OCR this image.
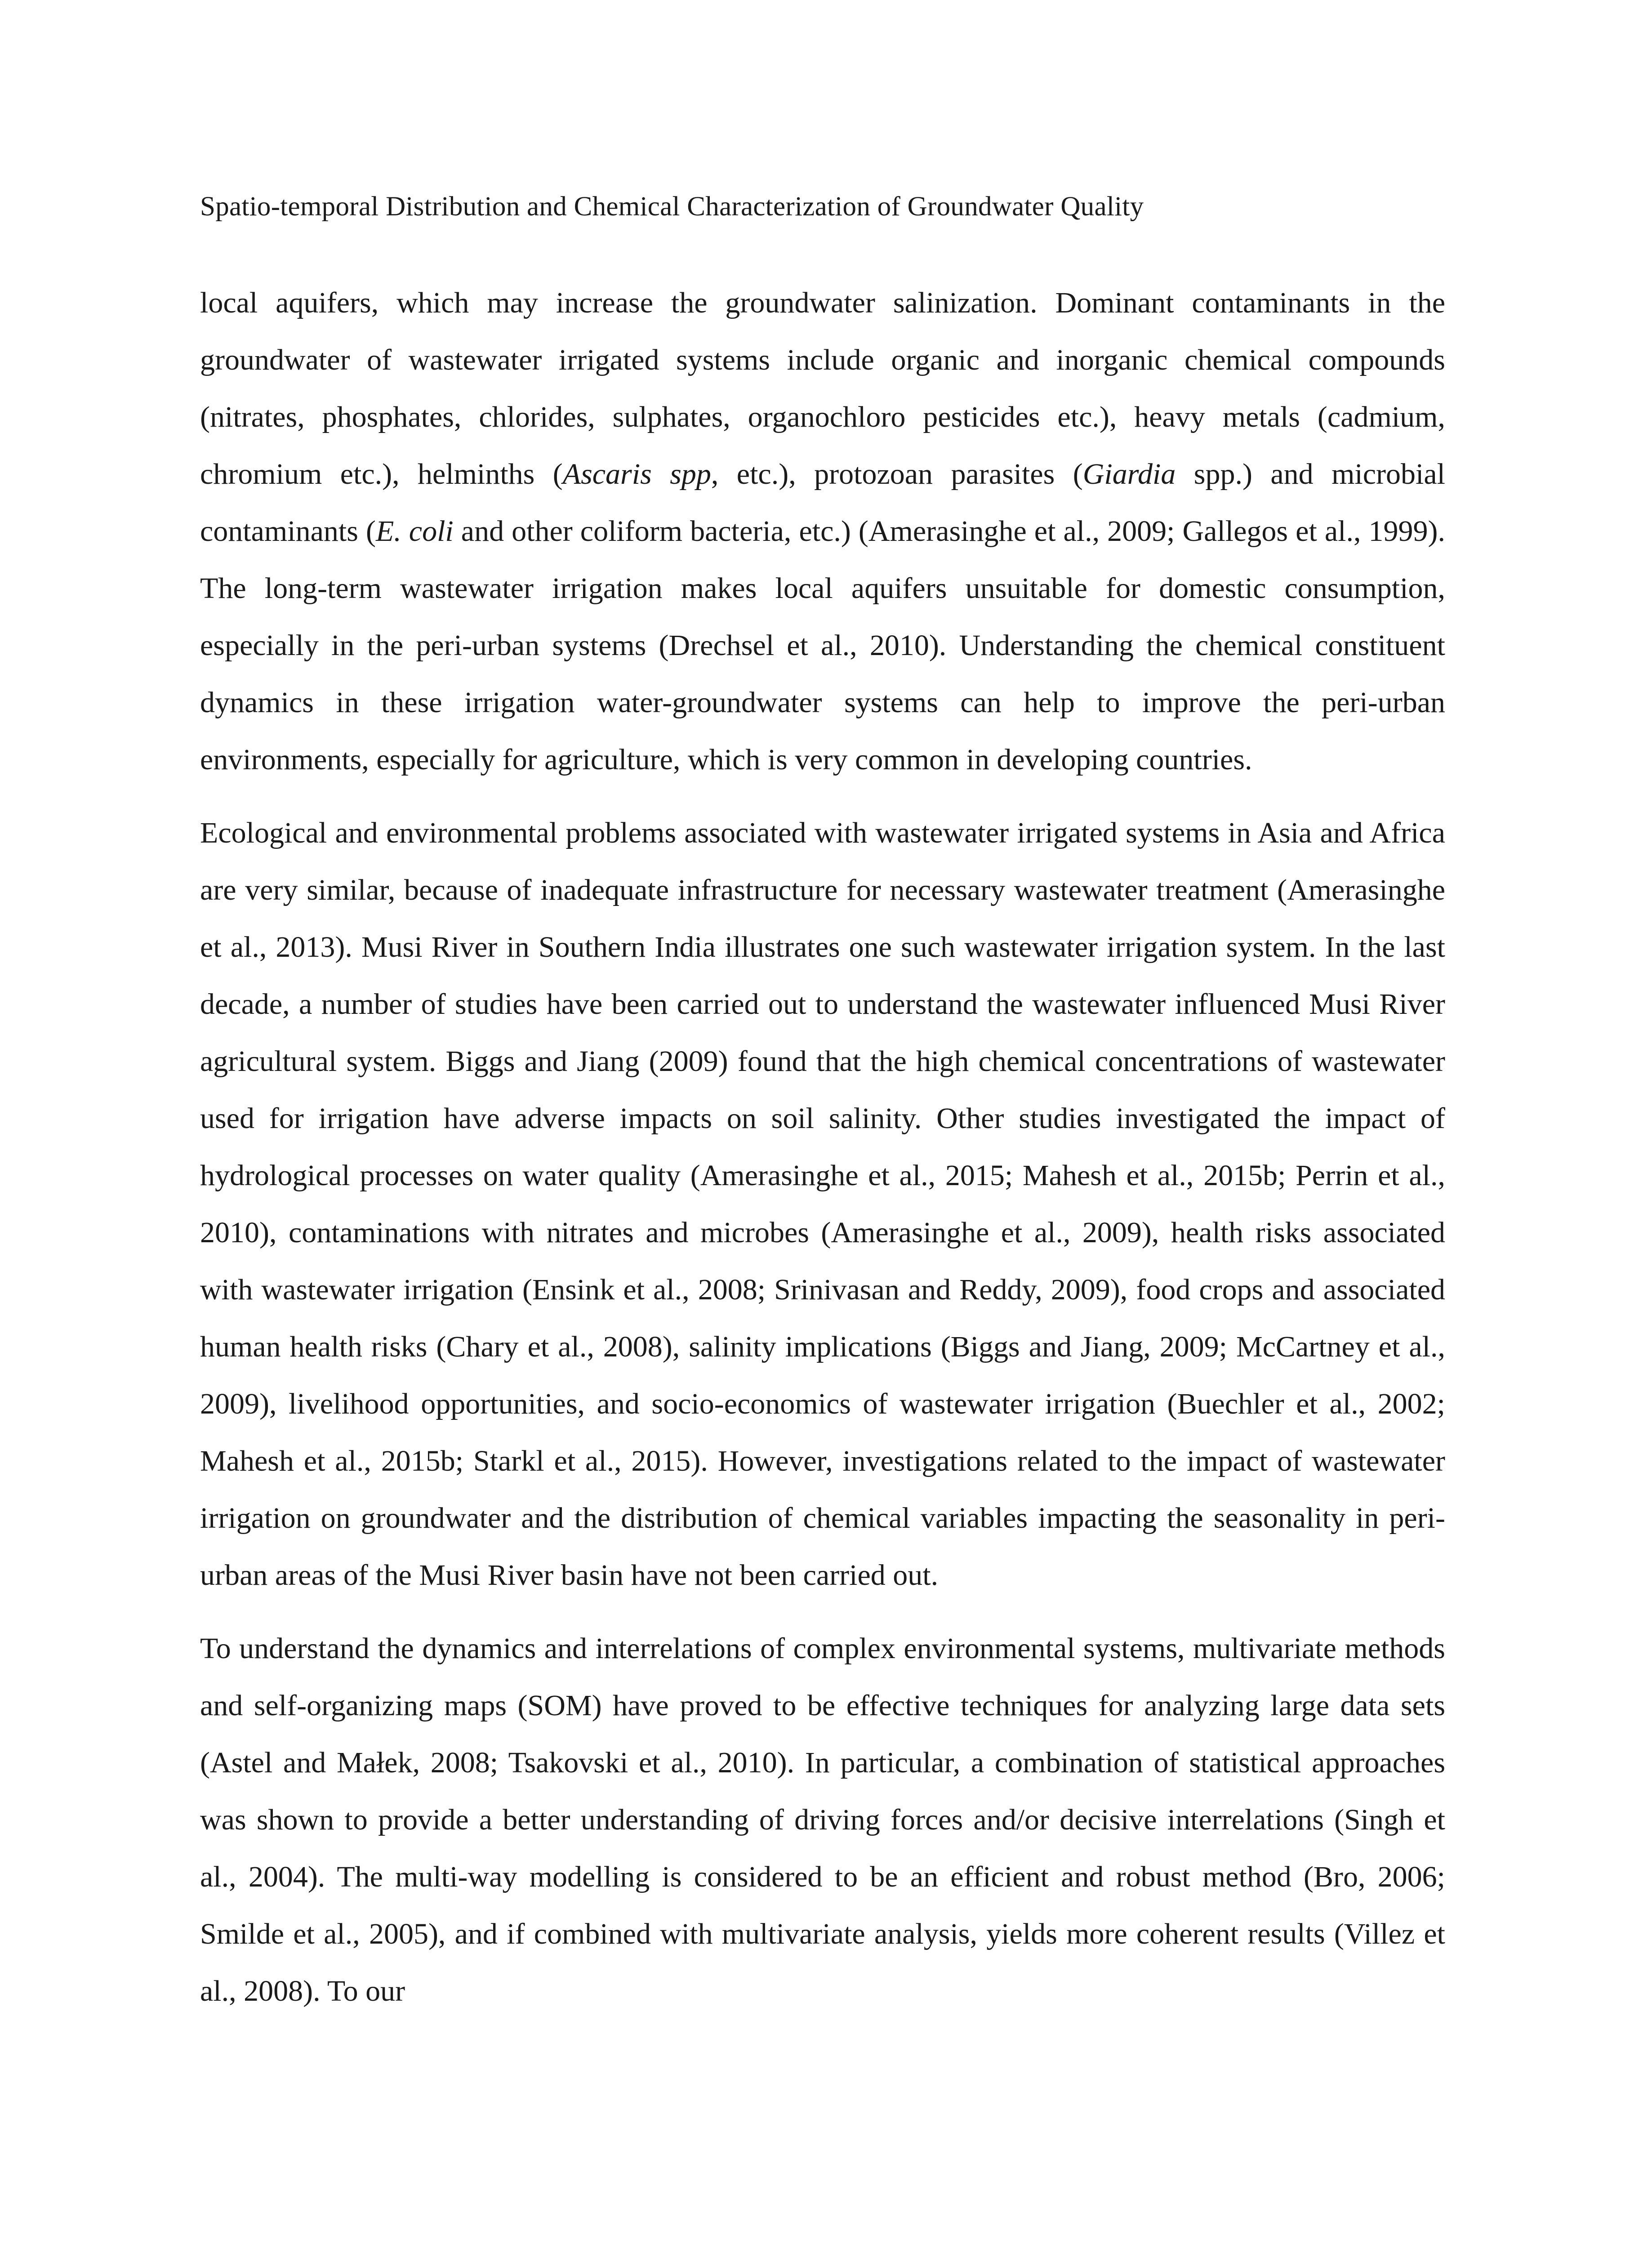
Spatio-temporal Distribution and Chemical Characterization of Groundwater Quality

local aquifers, which may increase the groundwater salinization. Dominant contaminants in the groundwater of wastewater irrigated systems include organic and inorganic chemical compounds (nitrates, phosphates, chlorides, sulphates, organochloro pesticides etc.), heavy metals (cadmium, chromium etc.), helminths (Ascaris spp, etc.), protozoan parasites (Giardia spp.) and microbial contaminants (E. coli and other coliform bacteria, etc.) (Amerasinghe et al., 2009; Gallegos et al., 1999). The long-term wastewater irrigation makes local aquifers unsuitable for domestic consumption, especially in the peri-urban systems (Drechsel et al., 2010). Understanding the chemical constituent dynamics in these irrigation water-groundwater systems can help to improve the peri-urban environments, especially for agriculture, which is very common in developing countries.

Ecological and environmental problems associated with wastewater irrigated systems in Asia and Africa are very similar, because of inadequate infrastructure for necessary wastewater treatment (Amerasinghe et al., 2013). Musi River in Southern India illustrates one such wastewater irrigation system. In the last decade, a number of studies have been carried out to understand the wastewater influenced Musi River agricultural system. Biggs and Jiang (2009) found that the high chemical concentrations of wastewater used for irrigation have adverse impacts on soil salinity. Other studies investigated the impact of hydrological processes on water quality (Amerasinghe et al., 2015; Mahesh et al., 2015b; Perrin et al., 2010), contaminations with nitrates and microbes (Amerasinghe et al., 2009), health risks associated with wastewater irrigation (Ensink et al., 2008; Srinivasan and Reddy, 2009), food crops and associated human health risks (Chary et al., 2008), salinity implications (Biggs and Jiang, 2009; McCartney et al., 2009), livelihood opportunities, and socio-economics of wastewater irrigation (Buechler et al., 2002; Mahesh et al., 2015b; Starkl et al., 2015). However, investigations related to the impact of wastewater irrigation on groundwater and the distribution of chemical variables impacting the seasonality in peri-urban areas of the Musi River basin have not been carried out.

To understand the dynamics and interrelations of complex environmental systems, multivariate methods and self-organizing maps (SOM) have proved to be effective techniques for analyzing large data sets (Astel and Małek, 2008; Tsakovski et al., 2010). In particular, a combination of statistical approaches was shown to provide a better understanding of driving forces and/or decisive interrelations (Singh et al., 2004). The multi-way modelling is considered to be an efficient and robust method (Bro, 2006; Smilde et al., 2005), and if combined with multivariate analysis, yields more coherent results (Villez et al., 2008). To our
